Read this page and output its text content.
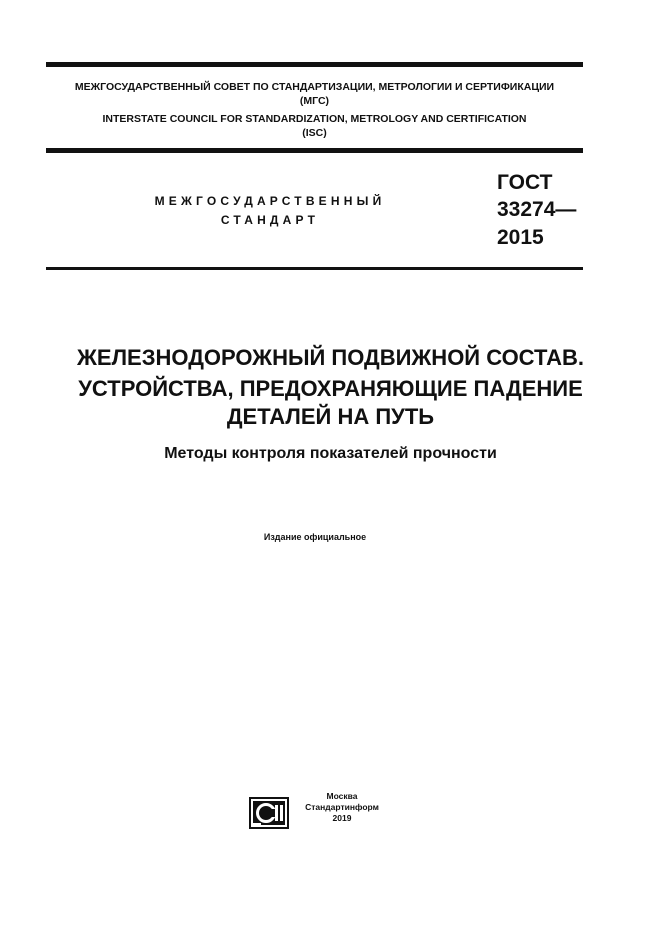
МЕЖГОСУДАРСТВЕННЫЙ СОВЕТ ПО СТАНДАРТИЗАЦИИ, МЕТРОЛОГИИ И СЕРТИФИКАЦИИ
(МГС)
INTERSTATE COUNCIL FOR STANDARDIZATION, METROLOGY AND CERTIFICATION
(ISC)
МЕЖГОСУДАРСТВЕННЫЙ
СТАНДАРТ
ГОСТ
33274—
2015
ЖЕЛЕЗНОДОРОЖНЫЙ ПОДВИЖНОЙ СОСТАВ.
УСТРОЙСТВА, ПРЕДОХРАНЯЮЩИЕ ПАДЕНИЕ
ДЕТАЛЕЙ НА ПУТЬ
Методы контроля показателей прочности
Издание официальное
Москва
Стандартинформ
2019
